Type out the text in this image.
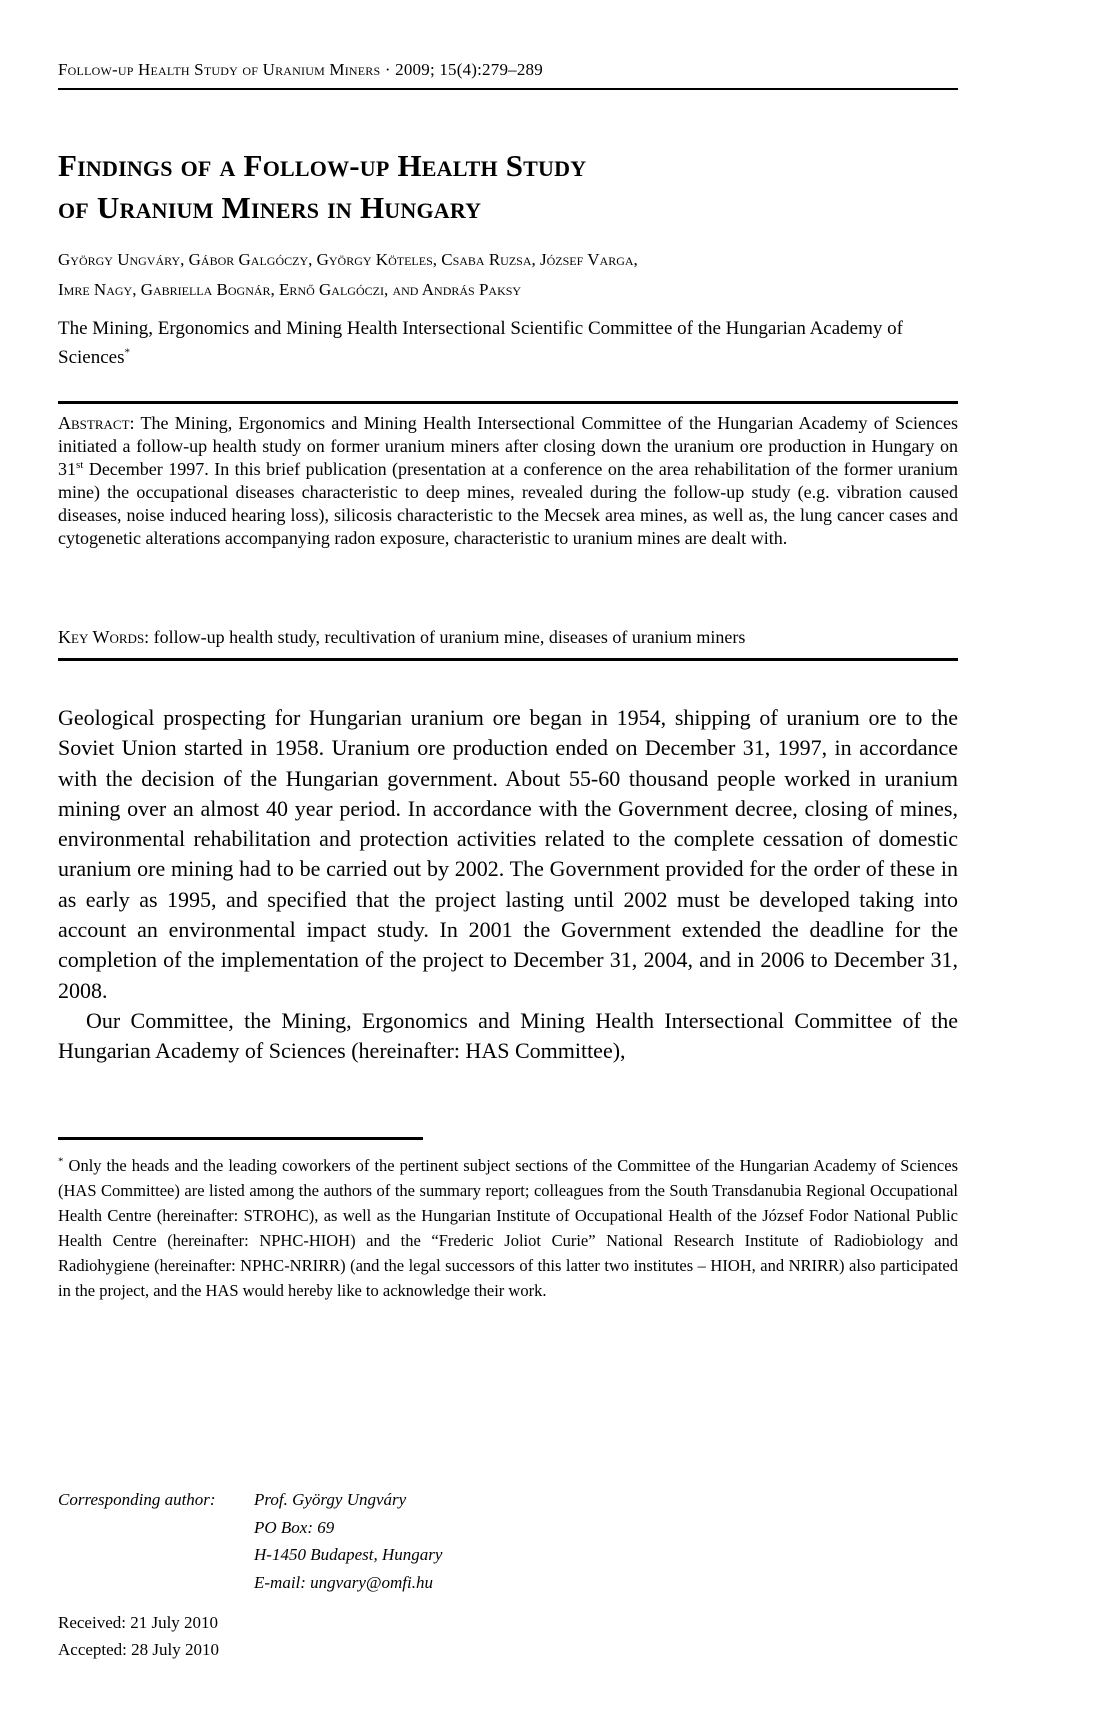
Follow-up Health Study of Uranium Miners · 2009; 15(4):279–289
Findings of a Follow-up Health Study
of Uranium Miners in Hungary
György Ungváry, Gábor Galgóczy, György Köteles, Csaba Ruzsa, József Varga,
Imre Nagy, Gabriella Bognár, Ernő Galgóczi, and András Paksy
The Mining, Ergonomics and Mining Health Intersectional Scientific Committee of the Hungarian Academy of Sciences*
Abstract: The Mining, Ergonomics and Mining Health Intersectional Committee of the Hungarian Academy of Sciences initiated a follow-up health study on former uranium miners after closing down the uranium ore production in Hungary on 31st December 1997. In this brief publication (presentation at a conference on the area rehabilitation of the former uranium mine) the occupational diseases characteristic to deep mines, revealed during the follow-up study (e.g. vibration caused diseases, noise induced hearing loss), silicosis characteristic to the Mecsek area mines, as well as, the lung cancer cases and cytogenetic alterations accompanying radon exposure, characteristic to uranium mines are dealt with.
Key Words: follow-up health study, recultivation of uranium mine, diseases of uranium miners

Geological prospecting for Hungarian uranium ore began in 1954, shipping of uranium ore to the Soviet Union started in 1958. Uranium ore production ended on December 31, 1997, in accordance with the decision of the Hungarian government. About 55-60 thousand people worked in uranium mining over an almost 40 year period. In accordance with the Government decree, closing of mines, environmental rehabilitation and protection activities related to the complete cessation of domestic uranium ore mining had to be carried out by 2002. The Government provided for the order of these in as early as 1995, and specified that the project lasting until 2002 must be developed taking into account an environmental impact study. In 2001 the Government extended the deadline for the completion of the implementation of the project to December 31, 2004, and in 2006 to December 31, 2008.

Our Committee, the Mining, Ergonomics and Mining Health Intersectional Committee of the Hungarian Academy of Sciences (hereinafter: HAS Committee),

* Only the heads and the leading coworkers of the pertinent subject sections of the Committee of the Hungarian Academy of Sciences (HAS Committee) are listed among the authors of the summary report; colleagues from the South Transdanubia Regional Occupational Health Centre (hereinafter: STROHC), as well as the Hungarian Institute of Occupational Health of the József Fodor National Public Health Centre (hereinafter: NPHC-HIOH) and the “Frederic Joliot Curie” National Research Institute of Radiobiology and Radiohygiene (hereinafter: NPHC-NRIRR) (and the legal successors of this latter two institutes – HIOH, and NRIRR) also participated in the project, and the HAS would hereby like to acknowledge their work.
Corresponding author:	Prof. György Ungváry
PO Box: 69
H-1450 Budapest, Hungary
E-mail: ungvary@omfi.hu
Received: 21 July 2010
Accepted: 28 July 2010
